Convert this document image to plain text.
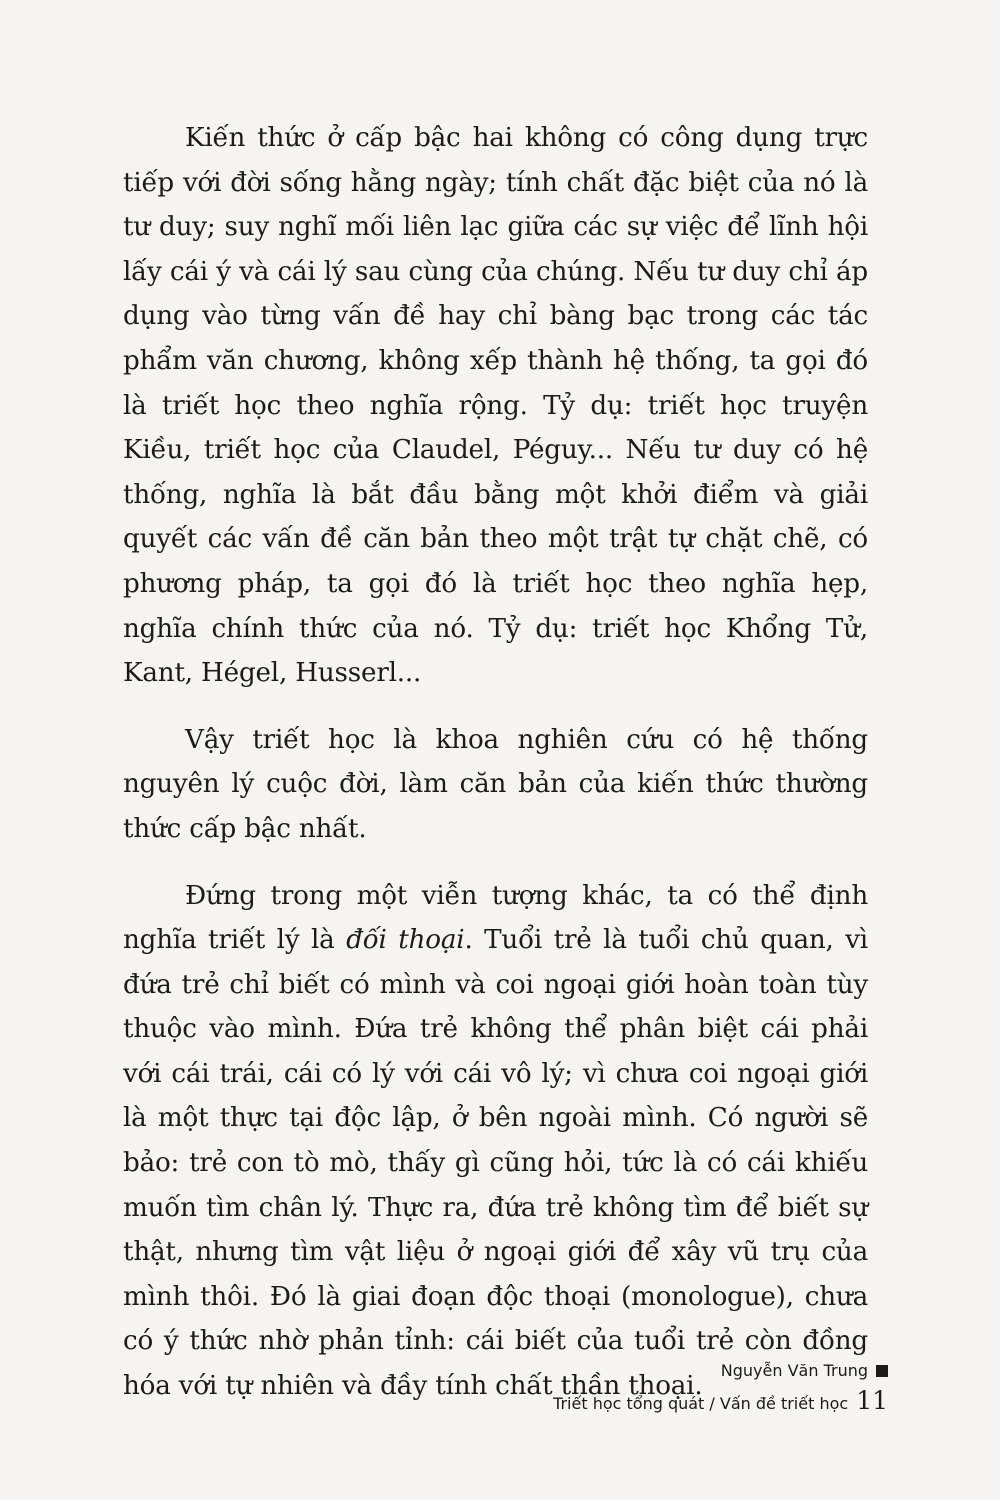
Kiến thức ở cấp bậc hai không có công dụng trực tiếp với đời sống hằng ngày; tính chất đặc biệt của nó là tư duy; suy nghĩ mối liên lạc giữa các sự việc để lĩnh hội lấy cái ý và cái lý sau cùng của chúng. Nếu tư duy chỉ áp dụng vào từng vấn đề hay chỉ bàng bạc trong các tác phẩm văn chương, không xếp thành hệ thống, ta gọi đó là triết học theo nghĩa rộng. Tỷ dụ: triết học truyện Kiều, triết học của Claudel, Péguy... Nếu tư duy có hệ thống, nghĩa là bắt đầu bằng một khởi điểm và giải quyết các vấn đề căn bản theo một trật tự chặt chẽ, có phương pháp, ta gọi đó là triết học theo nghĩa hẹp, nghĩa chính thức của nó. Tỷ dụ: triết học Khổng Tử, Kant, Hégel, Husserl...

Vậy triết học là khoa nghiên cứu có hệ thống nguyên lý cuộc đời, làm căn bản của kiến thức thường thức cấp bậc nhất.

Đứng trong một viễn tượng khác, ta có thể định nghĩa triết lý là đối thoại. Tuổi trẻ là tuổi chủ quan, vì đứa trẻ chỉ biết có mình và coi ngoại giới hoàn toàn tùy thuộc vào mình. Đứa trẻ không thể phân biệt cái phải với cái trái, cái có lý với cái vô lý; vì chưa coi ngoại giới là một thực tại độc lập, ở bên ngoài mình. Có người sẽ bảo: trẻ con tò mò, thấy gì cũng hỏi, tức là có cái khiếu muốn tìm chân lý. Thực ra, đứa trẻ không tìm để biết sự thật, nhưng tìm vật liệu ở ngoại giới để xây vũ trụ của mình thôi. Đó là giai đoạn độc thoại (monologue), chưa có ý thức nhờ phản tỉnh: cái biết của tuổi trẻ còn đồng hóa với tự nhiên và đầy tính chất thần thoại.

Nguyễn Văn Trung
Triết học tổng quát / Vấn đề triết học 11
